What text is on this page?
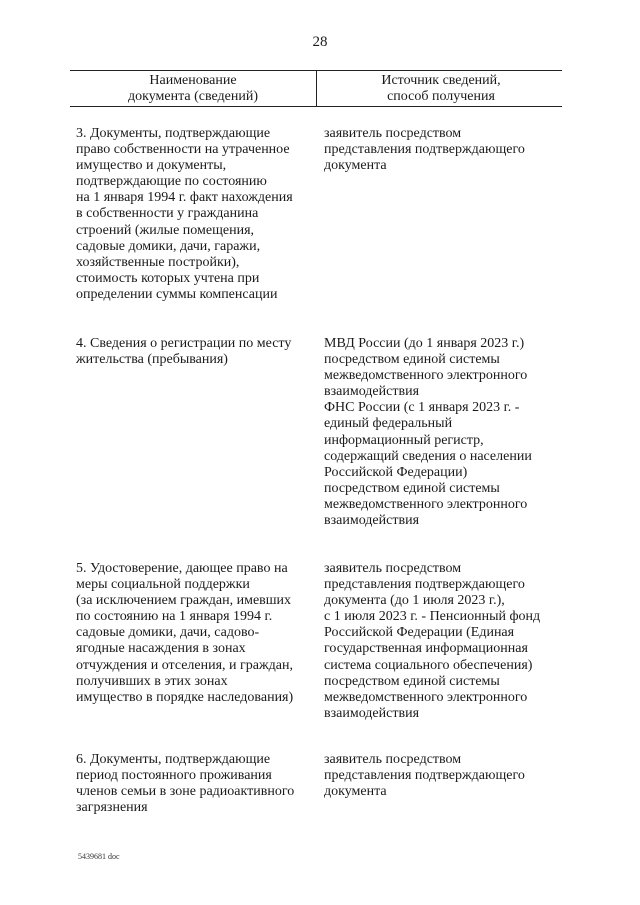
28
Наименование
документа (сведений)
Источник сведений,
способ получения
3. Документы, подтверждающие
право собственности на утраченное
имущество и документы,
подтверждающие по состоянию
на 1 января 1994 г. факт нахождения
в собственности у гражданина
строений (жилые помещения,
садовые домики, дачи, гаражи,
хозяйственные постройки),
стоимость которых учтена при
определении суммы компенсации
заявитель посредством
представления подтверждающего
документа
4. Сведения о регистрации по месту
жительства (пребывания)
МВД России (до 1 января 2023 г.)
посредством единой системы
межведомственного электронного
взаимодействия
ФНС России (с 1 января 2023 г. -
единый федеральный
информационный регистр,
содержащий сведения о населении
Российской Федерации)
посредством единой системы
межведомственного электронного
взаимодействия
5. Удостоверение, дающее право на
меры социальной поддержки
(за исключением граждан, имевших
по состоянию на 1 января 1994 г.
садовые домики, дачи, садово-
ягодные насаждения в зонах
отчуждения и отселения, и граждан,
получивших в этих зонах
имущество в порядке наследования)
заявитель посредством
представления подтверждающего
документа (до 1 июля 2023 г.),
с 1 июля 2023 г. - Пенсионный фонд
Российской Федерации (Единая
государственная информационная
система социального обеспечения)
посредством единой системы
межведомственного электронного
взаимодействия
6. Документы, подтверждающие
период постоянного проживания
членов семьи в зоне радиоактивного
загрязнения
заявитель посредством
представления подтверждающего
документа
5439681 doc
